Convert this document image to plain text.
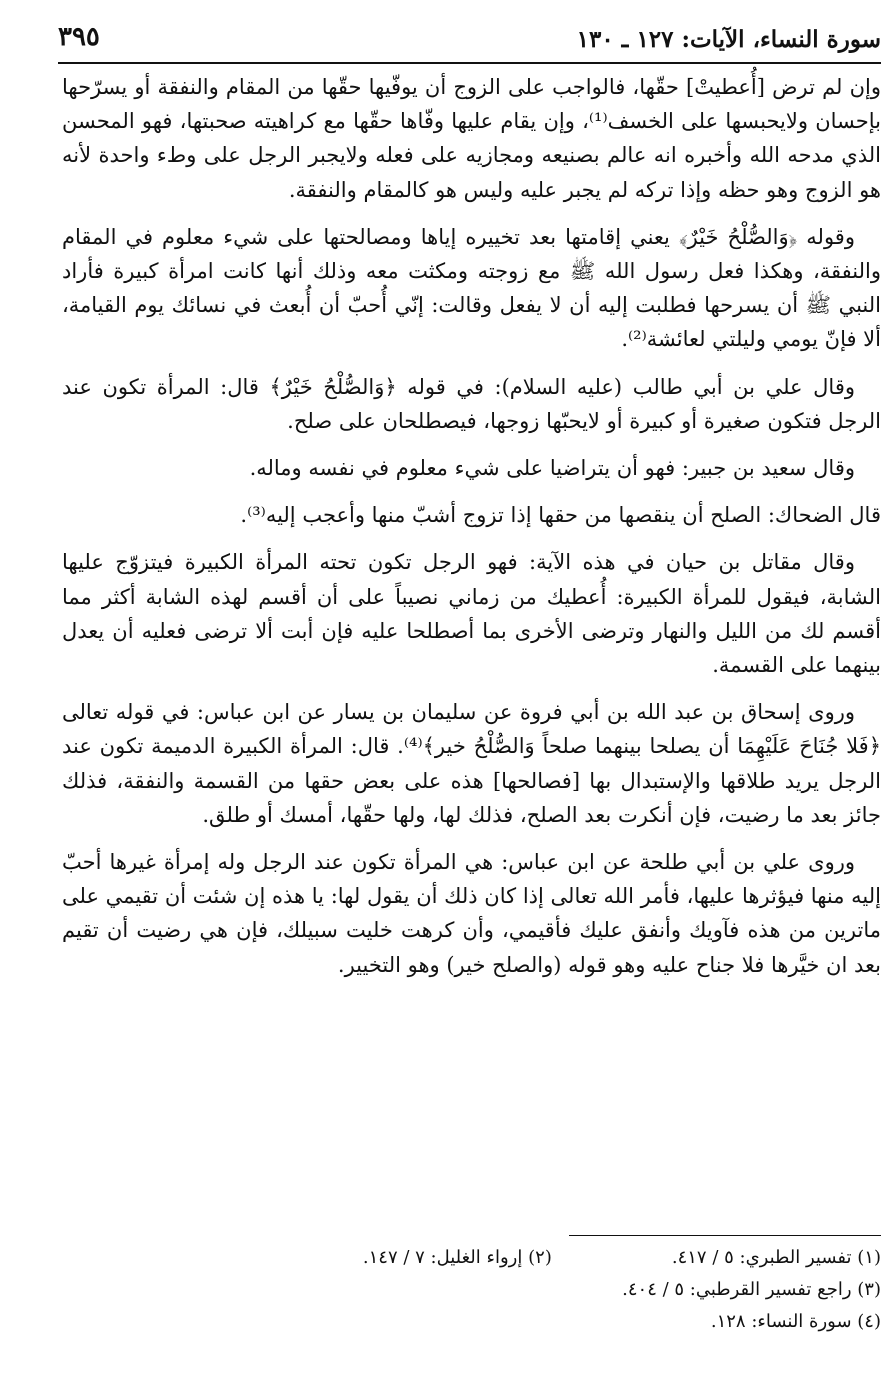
سورة النساء، الآيات: ١٢٧ ـ ١٣٠
٣٩٥

وإن لم ترض [أُعطيتْ] حقّها، فالواجب على الزوج أن يوفّيها حقّها من المقام والنفقة أو يسرّحها بإحسان ولايحبسها على الخسف⁽¹⁾، وإن يقام عليها وفّاها حقّها مع كراهيته صحبتها، فهو المحسن الذي مدحه الله وأخبره انه عالم بصنيعه ومجازيه على فعله ولايجبر الرجل على وطء واحدة لأنه هو الزوج وهو حظه وإذا تركه لم يجبر عليه وليس هو كالمقام والنفقة.

وقوله ﴿وَالصُّلْحُ خَيْرٌ﴾ يعني إقامتها بعد تخييره إياها ومصالحتها على شيء معلوم في المقام والنفقة، وهكذا فعل رسول الله ﷺ مع زوجته ومكثت معه وذلك أنها كانت امرأة كبيرة فأراد النبي ﷺ أن يسرحها فطلبت إليه أن لا يفعل وقالت: إنّي أُحبّ أن أُبعث في نسائك يوم القيامة، ألا فإنّ يومي وليلتي لعائشة⁽²⁾.

وقال علي بن أبي طالب (عليه السلام): في قوله ﴿وَالصُّلْحُ خَيْرٌ﴾ قال: المرأة تكون عند الرجل فتكون صغيرة أو كبيرة أو لايحبّها زوجها، فيصطلحان على صلح.

وقال سعيد بن جبير: فهو أن يتراضيا على شيء معلوم في نفسه وماله.

قال الضحاك: الصلح أن ينقصها من حقها إذا تزوج أشبّ منها وأعجب إليه⁽³⁾.

وقال مقاتل بن حيان في هذه الآية: فهو الرجل تكون تحته المرأة الكبيرة فيتزوّج عليها الشابة، فيقول للمرأة الكبيرة: أُعطيك من زماني نصيباً على أن أقسم لهذه الشابة أكثر مما أقسم لك من الليل والنهار وترضى الأخرى بما أصطلحا عليه فإن أبت ألا ترضى فعليه أن يعدل بينهما على القسمة.

وروى إسحاق بن عبد الله بن أبي فروة عن سليمان بن يسار عن ابن عباس: في قوله تعالى ﴿فَلا جُنَاحَ عَلَيْهِمَا أن يصلحا بينهما صلحاً وَالصُّلْحُ خير﴾⁽⁴⁾. قال: المرأة الكبيرة الدميمة تكون عند الرجل يريد طلاقها والإستبدال بها [فصالحها] هذه على بعض حقها من القسمة والنفقة، فذلك جائز بعد ما رضيت، فإن أنكرت بعد الصلح، فذلك لها، ولها حقّها، أمسك أو طلق.

وروى علي بن أبي طلحة عن ابن عباس: هي المرأة تكون عند الرجل وله إمرأة غيرها أحبّ إليه منها فيؤثرها عليها، فأمر الله تعالى إذا كان ذلك أن يقول لها: يا هذه إن شئت أن تقيمي على ماترين من هذه فآويك وأنفق عليك فأقيمي، وأن كرهت خليت سبيلك، فإن هي رضيت أن تقيم بعد ان خيَّرها فلا جناح عليه وهو قوله (والصلح خير) وهو التخيير.

(١) تفسير الطبري: ٥ / ٤١٧.
(٢) إرواء الغليل: ٧ / ١٤٧.
(٣) راجع تفسير القرطبي: ٥ / ٤٠٤.
(٤) سورة النساء: ١٢٨.
